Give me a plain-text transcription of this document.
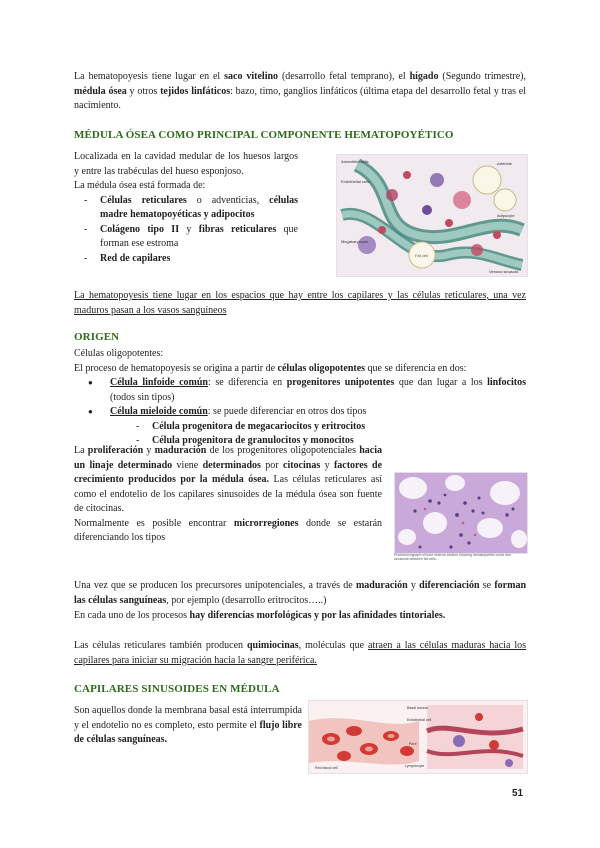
La hematopoyesis tiene lugar en el saco vitelino (desarrollo fetal temprano), el hígado (Segundo trimestre), médula ósea y otros tejidos linfáticos: bazo, timo, ganglios linfáticos (última etapa del desarrollo fetal y tras el nacimiento.

MÉDULA ÓSEA COMO PRINCIPAL COMPONENTE HEMATOPOYÉTICO
Localizada en la cavidad medular de los huesos largos y entre las trabéculas del hueso esponjoso.
La médula ósea está formada de:
- Células reticulares o adventicias, células madre hematopoyéticas y adipocitos
- Colágeno tipo II y fibras reticulares que forman ese estroma
- Red de capilares
Adventitial cells
Endothelial cells
Megakaryocyte
Arteriole
Adipocyte
Venous sinusoid
Fat cell

La hematopoyesis tiene lugar en los espacios que hay entre los capilares y las células reticulares, una vez maduros pasan a los vasos sanguíneos

ORIGEN
Células oligopotentes:
El proceso de hematopoyesis se origina a partir de células oligopotentes que se diferencia en dos:
● Célula linfoide común: se diferencia en progenitores unipotentes que dan lugar a los linfocitos (todos sin tipos)
● Célula mieloide común: se puede diferenciar en otros dos tipos
- Célula progenitora de megacariocitos y eritrocitos
- Célula progenitora de granulocitos y monocitos
La proliferación y maduración de los progenitores oligopotenciales hacia un linaje determinado viene determinados por citocinas y factores de crecimiento producidos por la médula ósea. Las células reticulares así como el endotelio de los capilares sinusoides de la médula ósea son fuente de citocinas.
Normalmente es posible encontrar microrregiones donde se estarán diferenciando los tipos
Photomicrograph of bone marrow section showing hematopoietic cords and sinusoids between fat cells.

Una vez que se producen los precursores unipotenciales, a través de maduración y diferenciación se forman las células sanguíneas, por ejemplo (desarrollo eritrocitos…..)

En cada uno de los procesos hay diferencias morfológicas y por las afinidades tintoriales.

Las células reticulares también producen quimiocinas, moléculas que atraen a las células maduras hacia los capilares para iniciar su migración hacia la sangre periférica.

CAPILARES SINUSOIDES EN MÉDULA
Son aquellos donde la membrana basal está interrumpida y el endotelio no es completo, esto permite el flujo libre de células sanguíneas.
Basal lamina
Endothelial cell
Red blood cell
Pore
Lymphocyte
51
